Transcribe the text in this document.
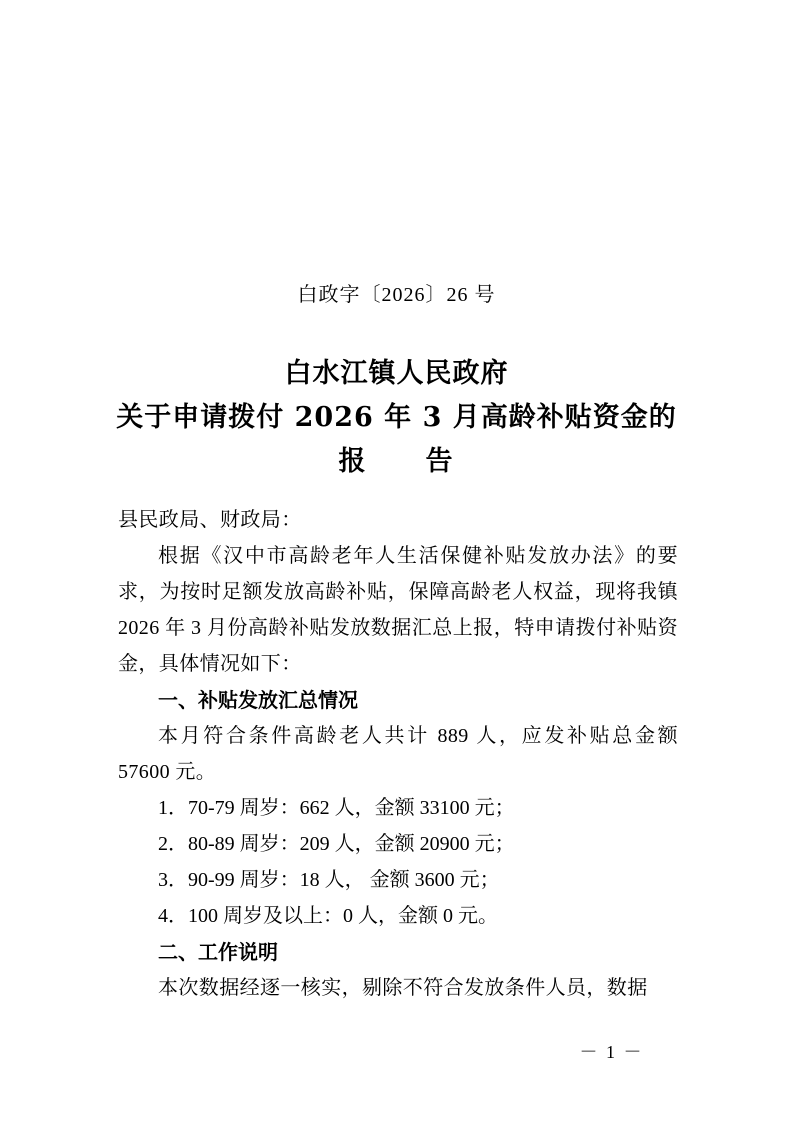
白政字〔2026〕26 号
白水江镇人民政府
关于申请拨付 2026 年 3 月高龄补贴资金的
报　　告

县民政局、财政局：

根据《汉中市高龄老年人生活保健补贴发放办法》的要求，为按时足额发放高龄补贴，保障高龄老人权益，现将我镇 2026 年 3 月份高龄补贴发放数据汇总上报，特申请拨付补贴资金，具体情况如下：

一、补贴发放汇总情况

本月符合条件高龄老人共计 889 人，应发补贴总金额 57600 元。

1．70-79 周岁：662 人，金额 33100 元；

2．80-89 周岁：209 人，金额 20900 元；

3．90-99 周岁：18 人， 金额 3600 元；

4．100 周岁及以上：0 人，金额 0 元。

二、工作说明

本次数据经逐一核实，剔除不符合发放条件人员，数据

－ 1 －
